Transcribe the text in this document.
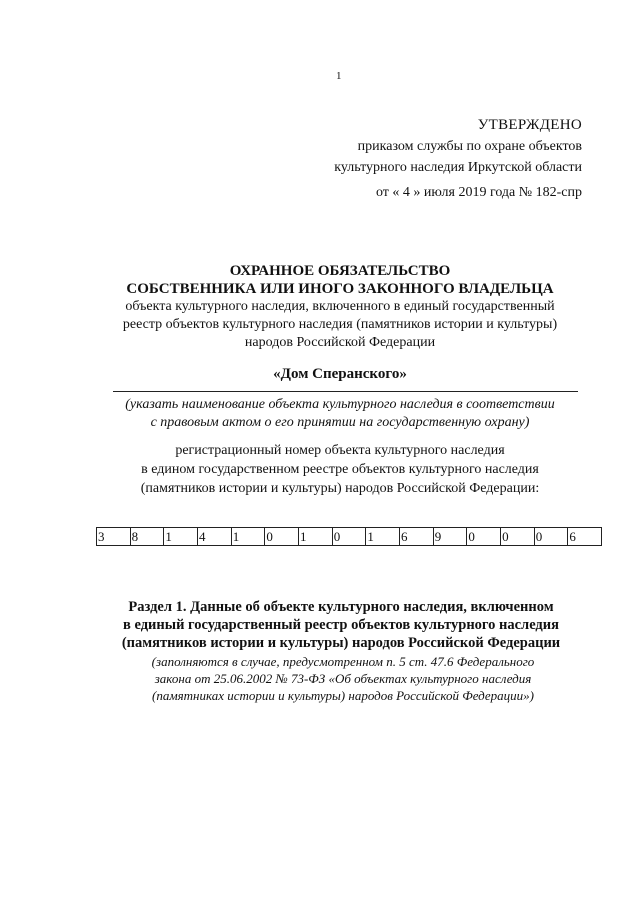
1
УТВЕРЖДЕНО
приказом службы по охране объектов
культурного наследия Иркутской области
от « 4 » июля 2019 года № 182-спр
ОХРАННОЕ ОБЯЗАТЕЛЬСТВО
СОБСТВЕННИКА ИЛИ ИНОГО ЗАКОННОГО ВЛАДЕЛЬЦА
объекта культурного наследия, включенного в единый государственный
реестр объектов культурного наследия (памятников истории и культуры)
народов Российской Федерации
«Дом Сперанского»
(указать наименование объекта культурного наследия в соответствии
с правовым актом о его принятии на государственную охрану)
регистрационный номер объекта культурного наследия
в едином государственном реестре объектов культурного наследия
(памятников истории и культуры) народов Российской Федерации:
3	8	1	4	1	0	1	0	1	6	9	0	0	0	6
Раздел 1. Данные об объекте культурного наследия, включенном
в единый государственный реестр объектов культурного наследия
(памятников истории и культуры) народов Российской Федерации
(заполняются в случае, предусмотренном п. 5 ст. 47.6 Федерального
закона от 25.06.2002 № 73-ФЗ «Об объектах культурного наследия
(памятниках истории и культуры) народов Российской Федерации»)
